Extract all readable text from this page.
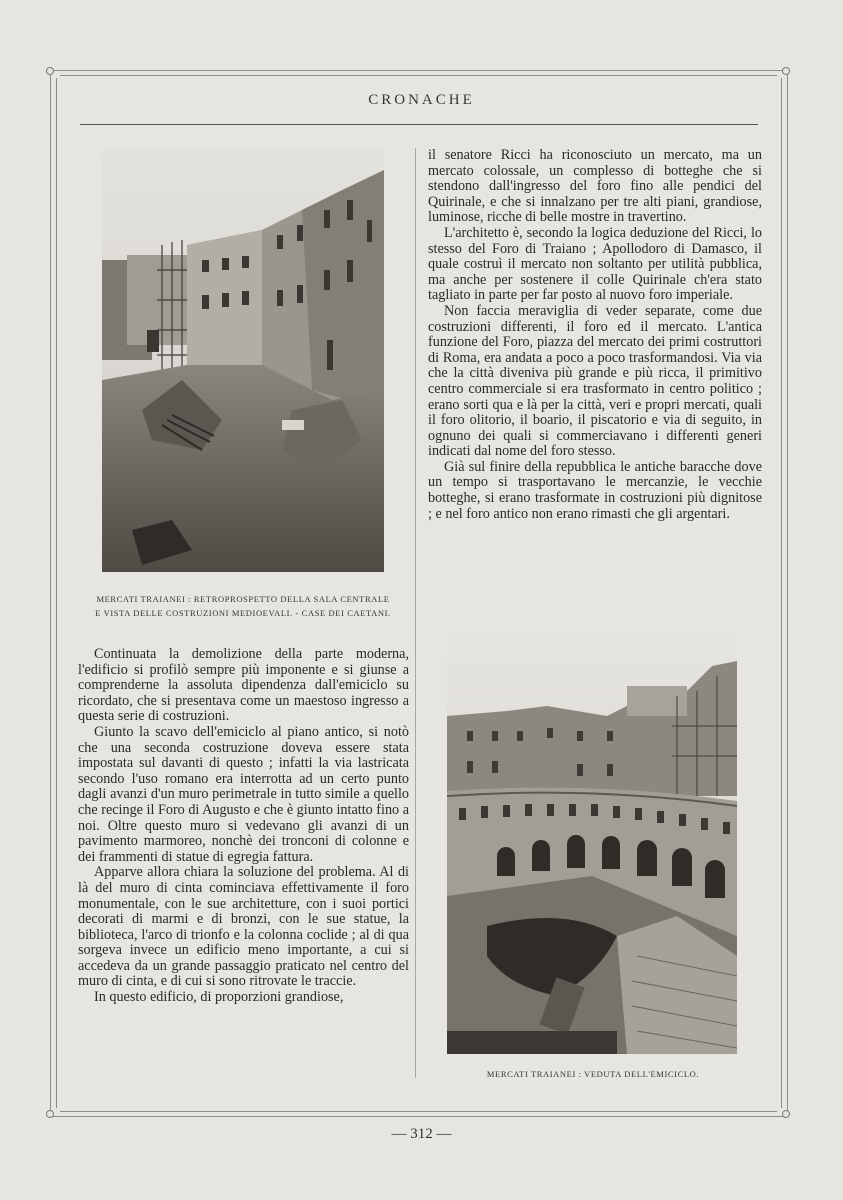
CRONACHE
MERCATI TRAIANEI : RETROPROSPETTO DELLA SALA CENTRALE
E VISTA DELLE COSTRUZIONI MEDIOEVALI. - CASE DEI CAETANI.

il senatore Ricci ha riconosciuto un mercato, ma un mercato colossale, un complesso di botteghe che si stendono dall'ingresso del foro fino alle pendici del Quirinale, e che si innalzano per tre alti piani, grandiose, luminose, ricche di belle mostre in travertino.

L'architetto è, secondo la logica deduzione del Ricci, lo stesso del Foro di Traiano ; Apollodoro di Damasco, il quale costruì il mercato non soltanto per utilità pubblica, ma anche per sostenere il colle Quirinale ch'era stato tagliato in parte per far posto al nuovo foro imperiale.

Non faccia meraviglia di veder separate, come due costruzioni differenti, il foro ed il mercato. L'antica funzione del Foro, piazza del mercato dei primi costruttori di Roma, era andata a poco a poco trasformandosi. Via via che la città diveniva più grande e più ricca, il primitivo centro commerciale si era trasformato in centro politico ; erano sorti qua e là per la città, veri e propri mercati, quali il foro olitorio, il boario, il piscatorio e via di seguito, in ognuno dei quali si commerciavano i differenti generi indicati dal nome del foro stesso.

Già sul finire della repubblica le antiche baracche dove un tempo si trasportavano le mercanzie, le vecchie botteghe, si erano trasformate in costruzioni più dignitose ; e nel foro antico non erano rimasti che gli argentari.

Continuata la demolizione della parte moderna, l'edificio si profilò sempre più imponente e si giunse a comprenderne la assoluta dipendenza dall'emiciclo su ricordato, che si presentava come un maestoso ingresso a questa serie di costruzioni.

Giunto la scavo dell'emiciclo al piano antico, si notò che una seconda costruzione doveva essere stata impostata sul davanti di questo ; infatti la via lastricata secondo l'uso romano era interrotta ad un certo punto dagli avanzi d'un muro perimetrale in tutto simile a quello che recinge il Foro di Augusto e che è giunto intatto fino a noi. Oltre questo muro si vedevano gli avanzi di un pavimento marmoreo, nonchè dei tronconi di colonne e dei frammenti di statue di egregia fattura.

Apparve allora chiara la soluzione del problema. Al di là del muro di cinta cominciava effettivamente il foro monumentale, con le sue architetture, con i suoi portici decorati di marmi e di bronzi, con le sue statue, la biblioteca, l'arco di trionfo e la colonna coclide ; al di qua sorgeva invece un edificio meno importante, a cui si accedeva da un grande passaggio praticato nel centro del muro di cinta, e di cui si sono ritrovate le traccie.

In questo edificio, di proporzioni grandiose,

MERCATI TRAIANEI : VEDUTA DELL'EMICICLO.
— 312 —
